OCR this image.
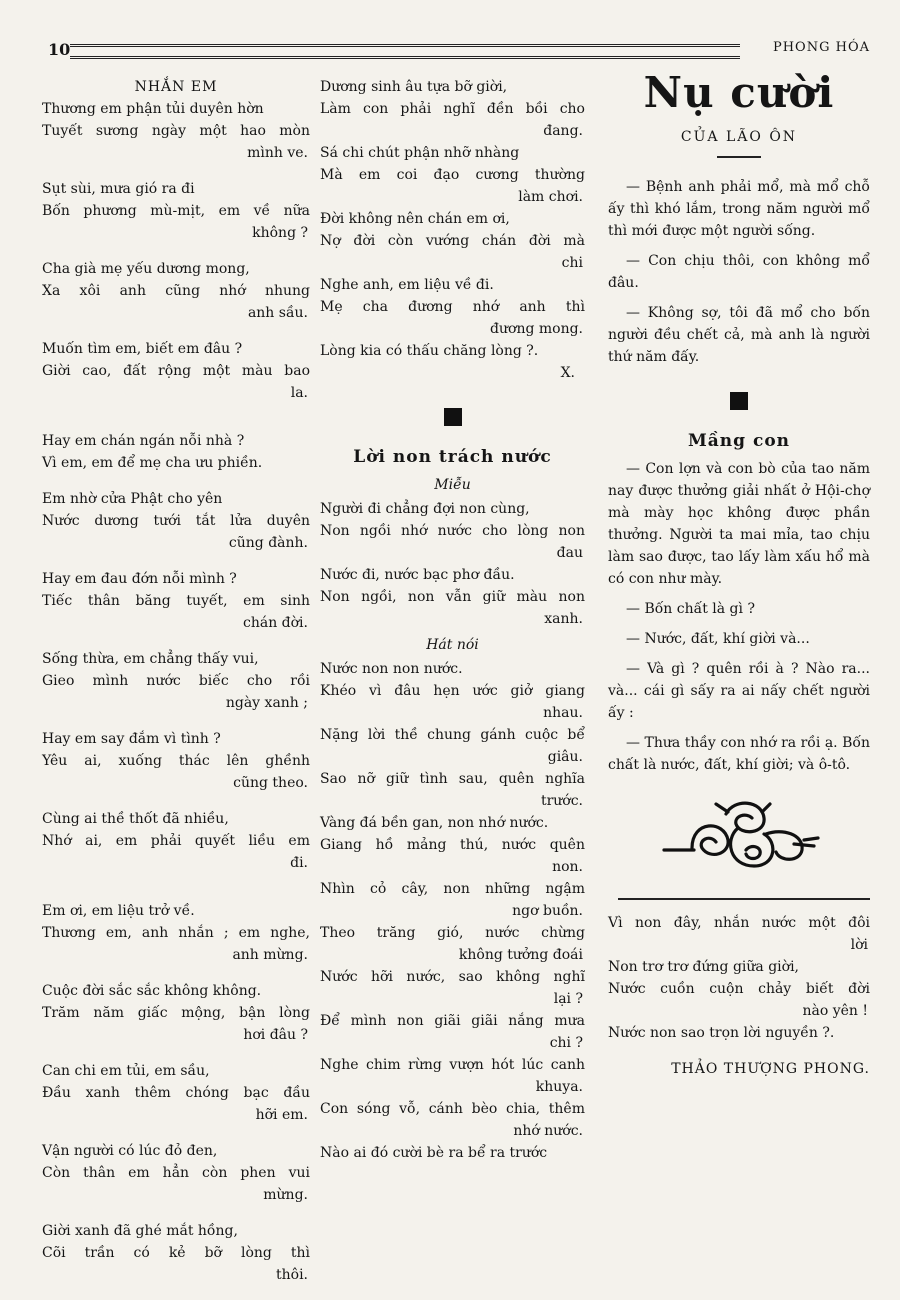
10	PHONG HÓA
NHẮN EM
Thương em phận tủi duyên hờn
Tuyết sương ngày một hao mòn
mình ve.
Sụt sùi, mưa gió ra đi
Bốn phương mù-mịt, em về nữa
không ?
Cha già mẹ yếu dương mong,
Xa xôi anh cũng nhớ nhung
anh sầu.
Muốn tìm em, biết em đâu ?
Giời cao, đất rộng một màu bao
la.
Hay em chán ngán nỗi nhà ?
Vì em, em để mẹ cha ưu phiền.
Em nhờ cửa Phật cho yên
Nước dương tưới tắt lửa duyên
cũng đành.
Hay em đau đớn nỗi mình ?
Tiếc thân băng tuyết, em sinh
chán đời.
Sống thừa, em chẳng thấy vui,
Gieo mình nước biếc cho rồi
ngày xanh ;
Hay em say đắm vì tình ?
Yêu ai, xuống thác lên ghềnh
cũng theo.
Cùng ai thề thốt đã nhiều,
Nhớ ai, em phải quyết liều em
đi.
Em ơi, em liệu trở về.
Thương em, anh nhắn ; em nghe,
anh mừng.
Cuộc đời sắc sắc không không.
Trăm năm giấc mộng, bận lòng
hơi đâu ?
Can chi em tủi, em sầu,
Đầu xanh thêm chóng bạc đầu
hỡi em.
Vận người có lúc đỏ đen,
Còn thân em hẳn còn phen vui
mừng.
Giời xanh đã ghé mắt hồng,
Cõi trần có kẻ bỡ lòng thì
thôi.
Dương sinh âu tựa bỡ giời,
Làm con phải nghĩ đền bồi cho
đang.
Sá chi chút phận nhỡ nhàng
Mà em coi đạo cương thường
làm chơi.
Đời không nên chán em ơi,
Nợ đời còn vướng chán đời mà
chi
Nghe anh, em liệu về đi.
Mẹ cha đương nhớ anh thì
đương mong.
Lòng kia có thấu chăng lòng ?.
X.
Lời non trách nước
Miễu
Người đi chẳng đợi non cùng,
Non ngồi nhớ nước cho lòng non
đau
Nước đi, nước bạc phơ đầu.
Non ngồi, non vẫn giữ màu non
xanh.
Hát nói
Nước non non nước.
Khéo vì đâu hẹn ước giở giang
nhau.
Nặng lời thề chung gánh cuộc bể
giâu.
Sao nỡ giữ tình sau, quên nghĩa
trước.
Vàng đá bền gan, non nhớ nước.
Giang hồ mảng thú, nước quên
non.
Nhìn cỏ cây, non những ngậm
ngơ buồn.
Theo trăng gió, nước chừng
không tưởng đoái
Nước hỡi nước, sao không nghĩ
lại ?
Để mình non giãi giãi nắng mưa
chi ?
Nghe chim rừng vượn hót lúc canh
khuya.
Con sóng vỗ, cánh bèo chia, thêm
nhớ nước.
Nào ai đó cười bè ra bể ra trước
Nụ cười
CỦA LÃO ÔN
— Bệnh anh phải mổ, mà mổ chỗ ấy thì khó lắm, trong năm người mổ thì mới được một người sống.
— Con chịu thôi, con không mổ đâu.
— Không sợ, tôi đã mổ cho bốn người đều chết cả, mà anh là người thứ năm đấy.
Mầng con
— Con lợn và con bò của tao năm nay được thưởng giải nhất ở Hội-chợ mà mày học không được phần thưởng. Người ta mai mỉa, tao chịu làm sao được, tao lấy làm xấu hổ mà có con như mày.
— Bốn chất là gì ?
— Nước, đất, khí giời và...
— Và gì ? quên rồi à ? Nào ra... và... cái gì sấy ra ai nấy chết người ấy :
— Thưa thầy con nhớ ra rồi ạ. Bốn chất là nước, đất, khí giời; và ô-tô.
Vì non đây, nhắn nước một đôi
lời
Non trơ trơ đứng giữa giời,
Nước cuồn cuộn chảy biết đời
nào yên !
Nước non sao trọn lời nguyền ?.
THẢO THƯỢNG PHONG.
